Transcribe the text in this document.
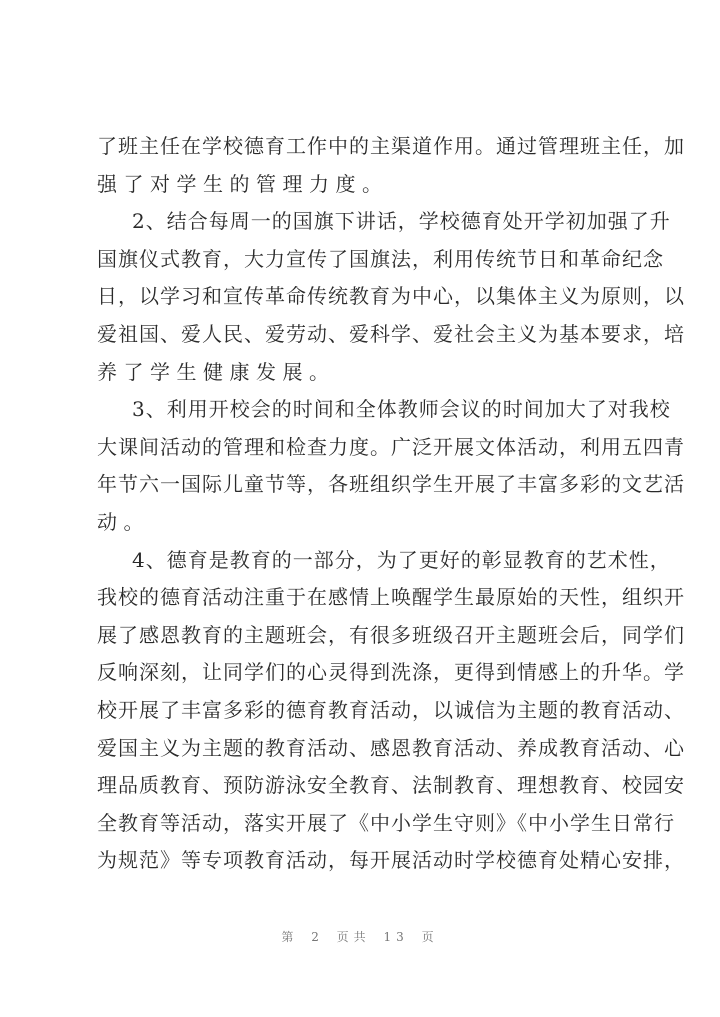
了班主任在学校德育工作中的主渠道作用。通过管理班主任，加
强了对学生的管理力度。
2、结合每周一的国旗下讲话，学校德育处开学初加强了升
国旗仪式教育，大力宣传了国旗法，利用传统节日和革命纪念
日，以学习和宣传革命传统教育为中心，以集体主义为原则，以
爱祖国、爱人民、爱劳动、爱科学、爱社会主义为基本要求，培
养了学生健康发展。
3、利用开校会的时间和全体教师会议的时间加大了对我校
大课间活动的管理和检查力度。广泛开展文体活动，利用五四青
年节六一国际儿童节等，各班组织学生开展了丰富多彩的文艺活
动。
4、德育是教育的一部分，为了更好的彰显教育的艺术性，
我校的德育活动注重于在感情上唤醒学生最原始的天性，组织开
展了感恩教育的主题班会，有很多班级召开主题班会后，同学们
反响深刻，让同学们的心灵得到洗涤，更得到情感上的升华。学
校开展了丰富多彩的德育教育活动，以诚信为主题的教育活动、
爱国主义为主题的教育活动、感恩教育活动、养成教育活动、心
理品质教育、预防游泳安全教育、法制教育、理想教育、校园安
全教育等活动，落实开展了《中小学生守则》《中小学生日常行
为规范》等专项教育活动，每开展活动时学校德育处精心安排，
第 2 页共 13 页
